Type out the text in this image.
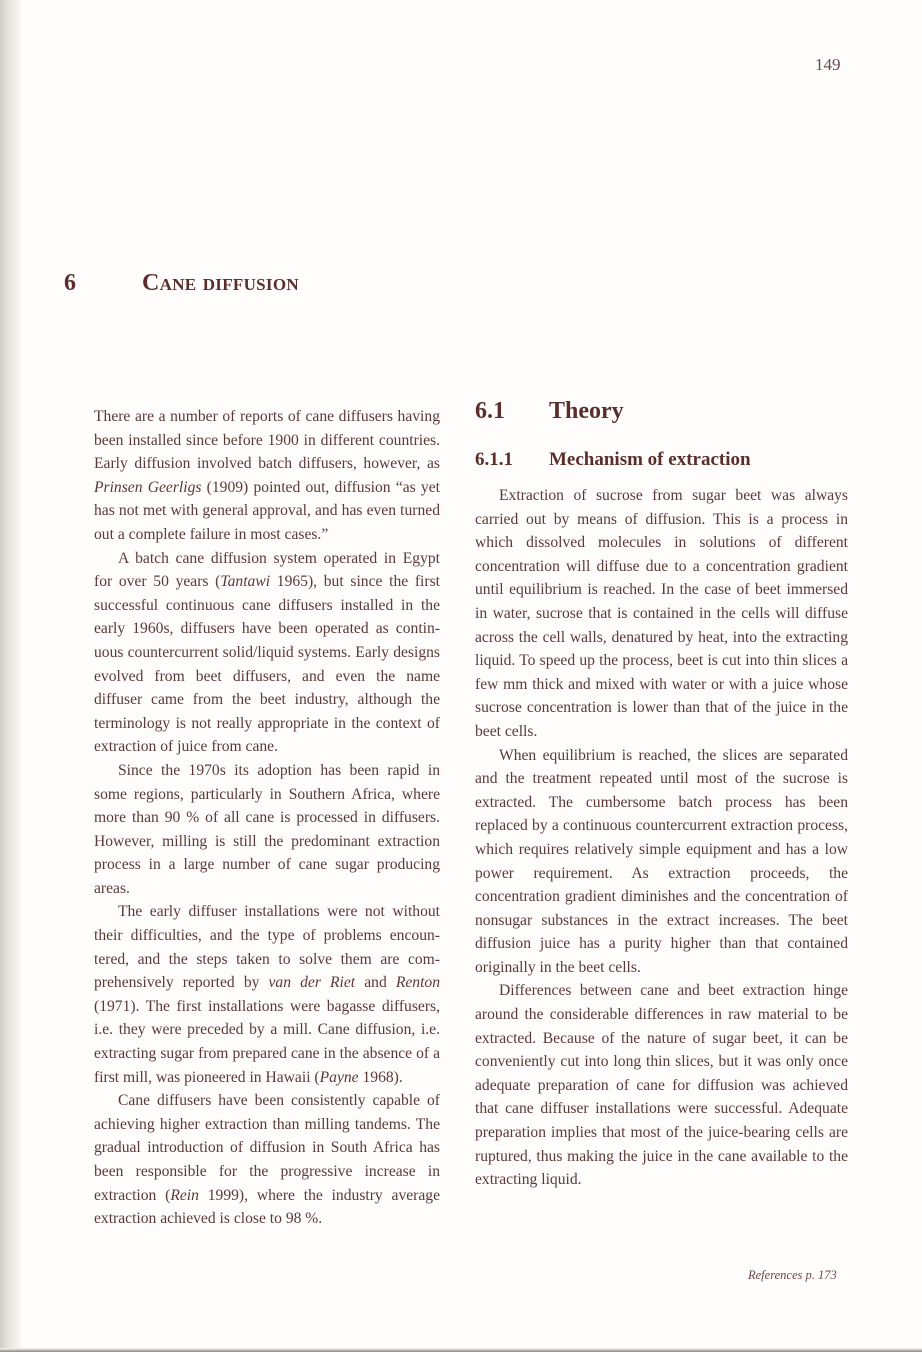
149
6	Cane diffusion

There are a number of reports of cane diffusers having been installed since before 1900 in different countries. Early diffusion involved batch diffusers, however, as Prinsen Geerligs (1909) pointed out, diffusion “as yet has not met with general approval, and has even turned out a complete failure in most cases.”

A batch cane diffusion system operated in Egypt for over 50 years (Tantawi 1965), but since the first successful continuous cane diffusers installed in the early 1960s, diffusers have been operated as continuous countercurrent solid/liquid systems. Early designs evolved from beet diffusers, and even the name diffuser came from the beet industry, although the terminology is not really appropriate in the context of extraction of juice from cane.

Since the 1970s its adoption has been rapid in some regions, particularly in Southern Africa, where more than 90 % of all cane is processed in diffusers. However, milling is still the predominant extraction process in a large number of cane sugar producing areas.

The early diffuser installations were not without their difficulties, and the type of problems encountered, and the steps taken to solve them are comprehensively reported by van der Riet and Renton (1971). The first installations were bagasse diffusers, i.e. they were preceded by a mill. Cane diffusion, i.e. extracting sugar from prepared cane in the absence of a first mill, was pioneered in Hawaii (Payne 1968).

Cane diffusers have been consistently capable of achieving higher extraction than milling tandems. The gradual introduction of diffusion in South Africa has been responsible for the progressive increase in extraction (Rein 1999), where the industry average extraction achieved is close to 98 %.

6.1 Theory
6.1.1 Mechanism of extraction

Extraction of sucrose from sugar beet was always carried out by means of diffusion. This is a process in which dissolved molecules in solutions of different concentration will diffuse due to a concentration gradient until equilibrium is reached. In the case of beet immersed in water, sucrose that is contained in the cells will diffuse across the cell walls, denatured by heat, into the extracting liquid. To speed up the process, beet is cut into thin slices a few mm thick and mixed with water or with a juice whose sucrose concentration is lower than that of the juice in the beet cells.

When equilibrium is reached, the slices are separated and the treatment repeated until most of the sucrose is extracted. The cumbersome batch process has been replaced by a continuous countercurrent extraction process, which requires relatively simple equipment and has a low power requirement. As extraction proceeds, the concentration gradient diminishes and the concentration of nonsugar substances in the extract increases. The beet diffusion juice has a purity higher than that contained originally in the beet cells.

Differences between cane and beet extraction hinge around the considerable differences in raw material to be extracted. Because of the nature of sugar beet, it can be conveniently cut into long thin slices, but it was only once adequate preparation of cane for diffusion was achieved that cane diffuser installations were successful. Adequate preparation implies that most of the juice-bearing cells are ruptured, thus making the juice in the cane available to the extracting liquid.

References p. 173
